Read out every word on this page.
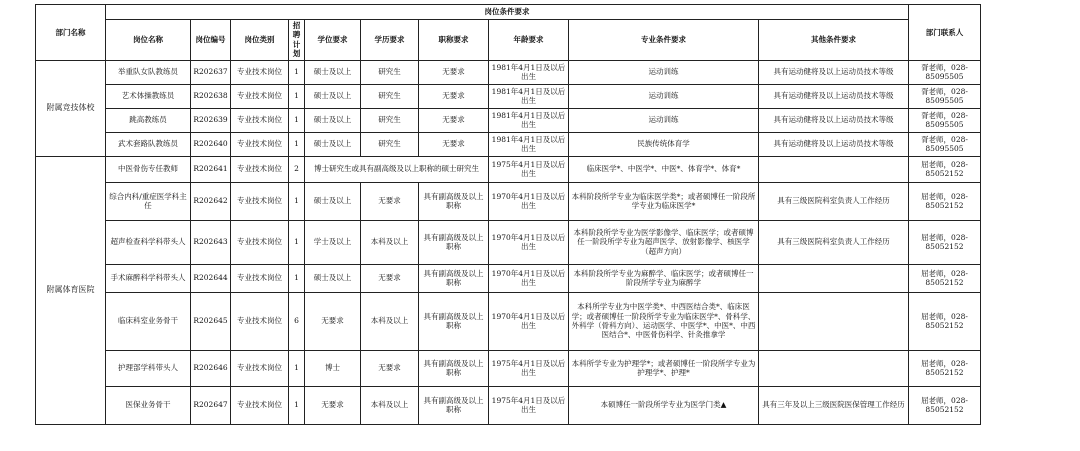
部门名称	岗位条件要求										部门联系人
	岗位名称	岗位编号	岗位类别	招聘计划	学位要求	学历要求	职称要求	年龄要求	专业条件要求	其他条件要求	
附属竞技体校	举重队女队教练员	R202637	专业技术岗位	1	硕士及以上	研究生	无要求	1981年4月1日及以后出生	运动训练	具有运动健将及以上运动员技术等级	胥老师，028-85095505
	艺术体操教练员	R202638	专业技术岗位	1	硕士及以上	研究生	无要求	1981年4月1日及以后出生	运动训练	具有运动健将及以上运动员技术等级	胥老师，028-85095505
	跳高教练员	R202639	专业技术岗位	1	硕士及以上	研究生	无要求	1981年4月1日及以后出生	运动训练	具有运动健将及以上运动员技术等级	胥老师，028-85095505
	武术套路队教练员	R202640	专业技术岗位	1	硕士及以上	研究生	无要求	1981年4月1日及以后出生	民族传统体育学	具有运动健将及以上运动员技术等级	胥老师，028-85095505
附属体育医院	中医骨伤专任教师	R202641	专业技术岗位	2	博士研究生或具有副高级及以上职称的硕士研究生			1975年4月1日及以后出生	临床医学*、中医学*、中医*、体育学*、体育*		屈老师，028-85052152
	综合内科/重症医学科主任	R202642	专业技术岗位	1	硕士及以上	无要求	具有副高级及以上职称	1970年4月1日及以后出生	本科阶段所学专业为临床医学类*；或者硕博任一阶段所学专业为临床医学*	具有三级医院科室负责人工作经历	屈老师，028-85052152
	超声检查科学科带头人	R202643	专业技术岗位	1	学士及以上	本科及以上	具有副高级及以上职称	1970年4月1日及以后出生	本科阶段所学专业为医学影像学、临床医学；或者硕博任一阶段所学专业为超声医学、放射影像学、核医学（超声方向）	具有三级医院科室负责人工作经历	屈老师，028-85052152
	手术麻醉科学科带头人	R202644	专业技术岗位	1	硕士及以上	无要求	具有副高级及以上职称	1970年4月1日及以后出生	本科阶段所学专业为麻醉学、临床医学；或者硕博任一阶段所学专业为麻醉学		屈老师，028-85052152
	临床科室业务骨干	R202645	专业技术岗位	6	无要求	本科及以上	具有副高级及以上职称	1970年4月1日及以后出生	本科所学专业为中医学类*、中西医结合类*、临床医学；或者硕博任一阶段所学专业为临床医学*、骨科学、外科学（骨科方向）、运动医学、中医学*、中医*、中西医结合*、中医骨伤科学、针灸推拿学		屈老师，028-85052152
	护理部学科带头人	R202646	专业技术岗位	1	博士	无要求	具有副高级及以上职称	1975年4月1日及以后出生	本科所学专业为护理学*；或者硕博任一阶段所学专业为护理学*、护理*		屈老师，028-85052152
	医保业务骨干	R202647	专业技术岗位	1	无要求	本科及以上	具有副高级及以上职称	1975年4月1日及以后出生	本硕博任一阶段所学专业为医学门类▲	具有三年及以上三级医院医保管理工作经历	屈老师，028-85052152
